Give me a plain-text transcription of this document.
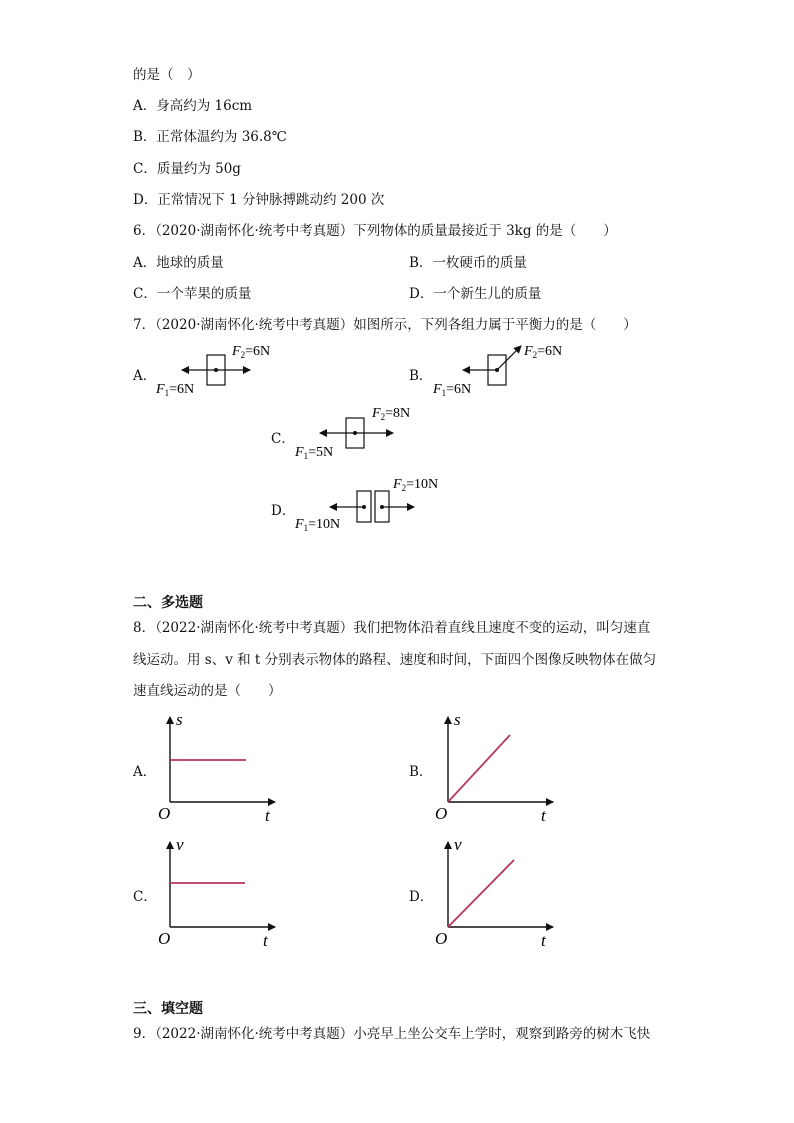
的是（　）
A．身高约为 16cm
B．正常体温约为 36.8℃
C．质量约为 50g
D．正常情况下 1 分钟脉搏跳动约 200 次
6．（2020·湖南怀化·统考中考真题）下列物体的质量最接近于 3kg 的是（　　）
A．地球的质量	B．一枚硬币的质量
C．一个苹果的质量	D．一个新生儿的质量
7．（2020·湖南怀化·统考中考真题）如图所示，下列各组力属于平衡力的是（　　）
A．
$F_1=6N$
$F_2=6N$
B．
$F_1=6N$
$F_2=6N$
C．
$F_1=5N$
$F_2=8N$
D．
$F_1=10N$
$F_2=10N$
二、多选题
8．（2022·湖南怀化·统考中考真题）我们把物体沿着直线且速度不变的运动，叫匀速直
线运动。用 s、v 和 t 分别表示物体的路程、速度和时间，下面四个图像反映物体在做匀
速直线运动的是（　　）
A．
s
t
O
B．
s
t
O
C．
v
t
O
D．
v
t
O
三、填空题
9．（2022·湖南怀化·统考中考真题）小亮早上坐公交车上学时，观察到路旁的树木飞快
